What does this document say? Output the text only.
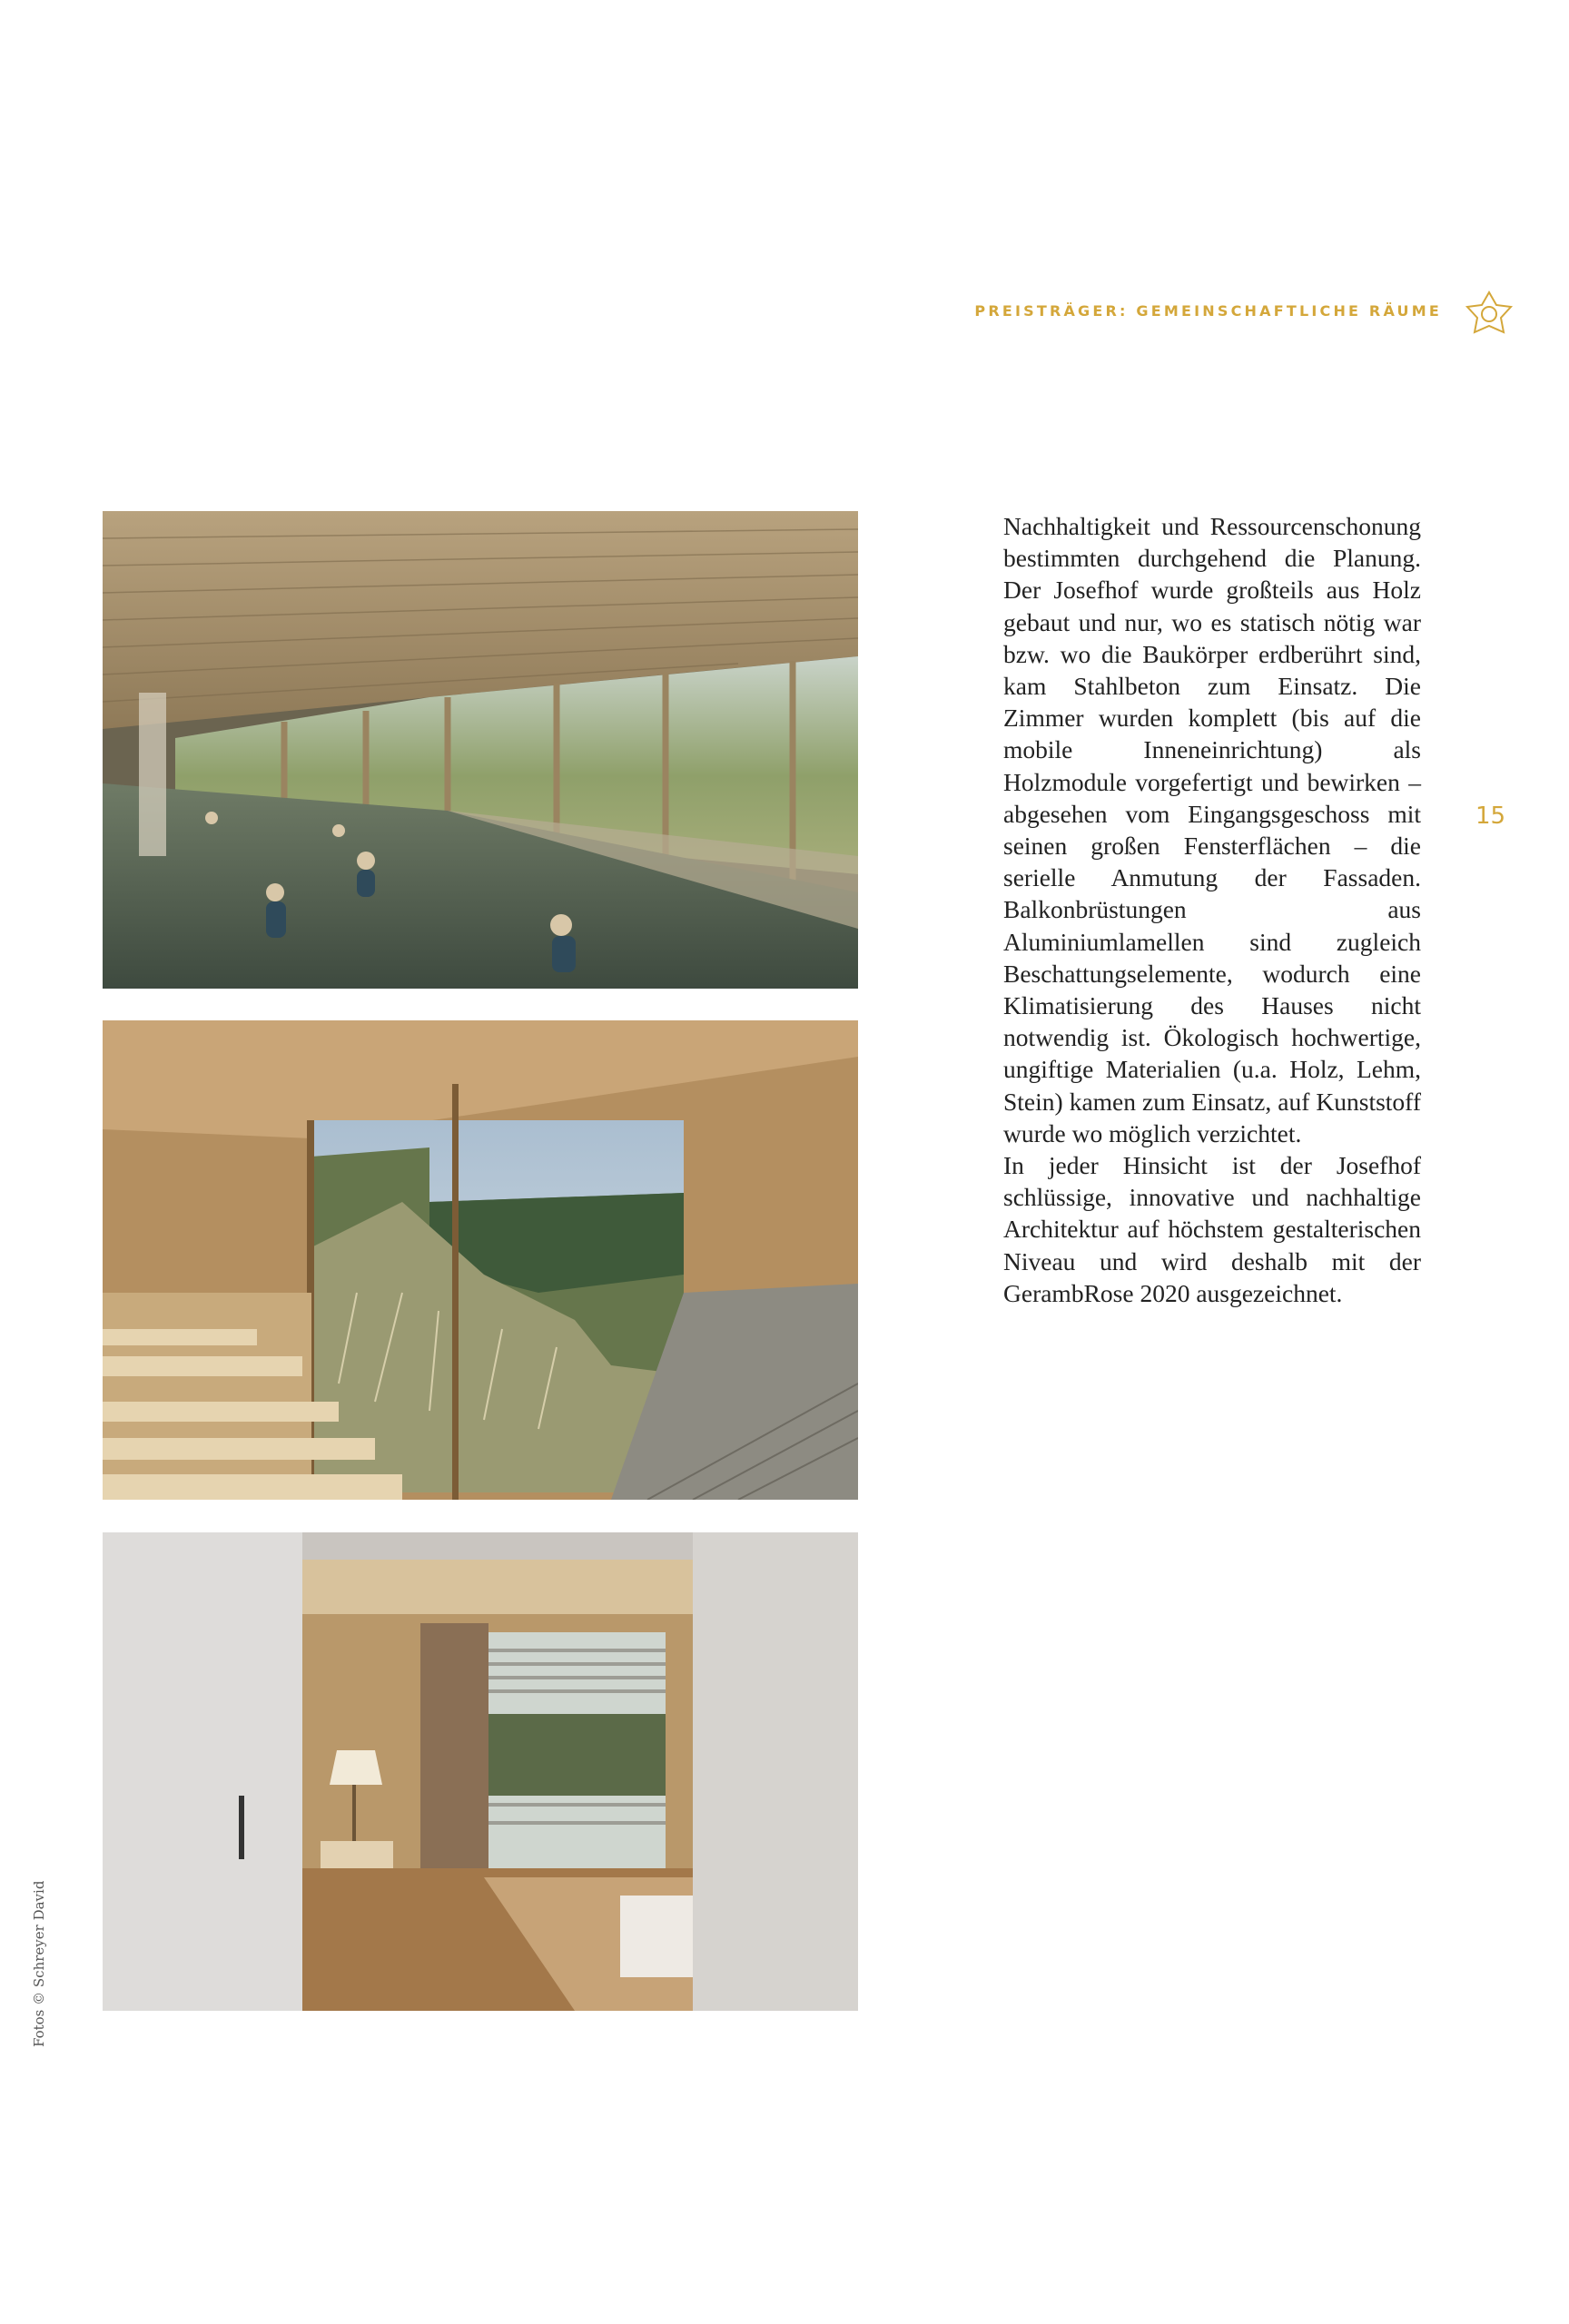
PREISTRÄGER: GEMEINSCHAFTLICHE RÄUME
15
Fotos © Schreyer David

Nachhaltigkeit und Ressourcenschonung bestimmten durchgehend die Planung. Der Josefhof wurde großteils aus Holz gebaut und nur, wo es statisch nötig war bzw. wo die Baukörper erdberührt sind, kam Stahlbeton zum Einsatz. Die Zimmer wurden komplett (bis auf die mobile Inneneinrichtung) als Holzmodule vorgefertigt und bewirken – abgesehen vom Eingangsgeschoss mit seinen großen Fensterflächen – die serielle Anmutung der Fassaden. Balkonbrüstungen aus Aluminiumlamellen sind zugleich Beschattungselemente, wodurch eine Klimatisierung des Hauses nicht notwendig ist. Ökologisch hochwertige, ungiftige Materialien (u.a. Holz, Lehm, Stein) kamen zum Einsatz, auf Kunststoff wurde wo möglich verzichtet.

In jeder Hinsicht ist der Josefhof schlüssige, innovative und nachhaltige Architektur auf höchstem gestalterischen Niveau und wird deshalb mit der GerambRose 2020 ausgezeichnet.
